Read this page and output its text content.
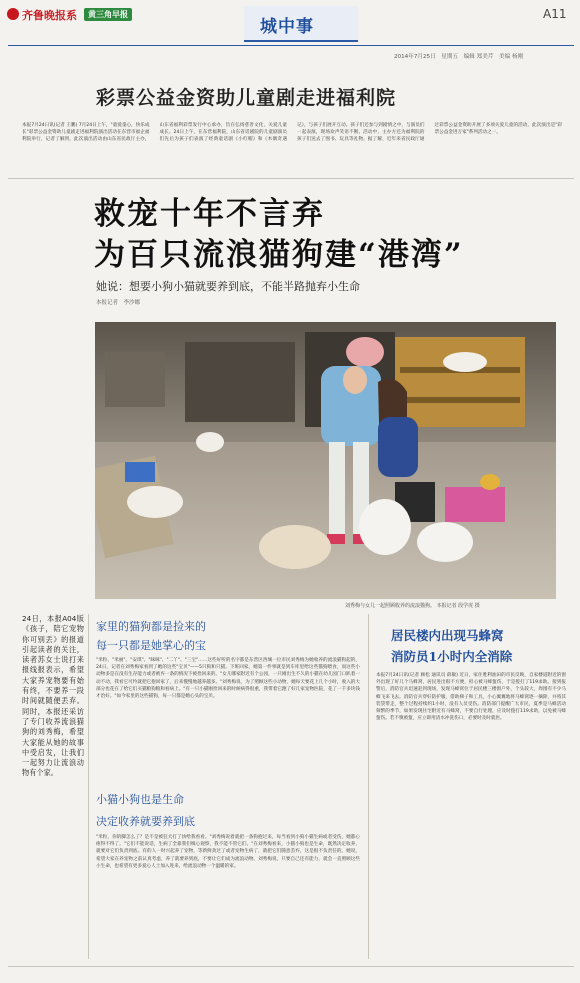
齐鲁晚报系	黄三角早报
城中事
A11
2014年7月25日　星期五　编辑 郑美芹　美编 杨刚
彩票公益金资助儿童剧走进福利院
本报7月24日讯(记者 王鹏) 7月24日上午，"童爱童心，快乐成长"彩票公益金资助儿童剧走进福利院演出活动在东营市福企福利院举行，记者了解到，此次演出活动由山东省民政厅主办，山东省福利彩票发行中心承办，旨在弘扬慈善文化，关爱儿童成长。24日上午，在东营福利院，山东省话剧院的儿童剧演员们先后为孩子们表演了经典童话剧《小红帽》和《木偶奇遇记》，与孩子们展开互动。孩子们还参与到剧情之中，与演员们一起表演，现场欢声笑语不断。活动中，主办方还为福利院的孩子们送去了图书、玩具等礼物。据了解，近年来省民政厅通过彩票公益金资助开展了多项关爱儿童的活动，此次演出是"彩票公益金进万家"系列活动之一。
救宠十年不言弃
为百只流浪猫狗建“港湾”
她说：想要小狗小猫就要养到底，不能半路抛弃小生命
本报记者　李沙娜
刘秀梅与女儿一起照顾收养的流浪猫狗。 本报记者 段学虎 摄
24日，本报A04版《孩子，陪它宠物你可别丢》的报道引起读者的关注，读者苏女士说打来报线报表示，希望大家养宠物要有始有终，不要养一段时间就随便丢弃。同时，本报还采访了专门收养流浪猫狗的刘秀梅，希望大家能从她的故事中受启发，让我们一起努力让流浪动物有个家。
家里的猫狗都是捡来的
每一只都是她掌心的宝
"米粒、"米丽"、"安琪"、"咪咪"、"二丫"、"三宝"……这些好听的名字都是东营区西城一位市民刘秀梅为她收养的流浪猫狗起的，24日，记者在刘秀梅家看到了她的这些"宝贝"——5只狗和只猫。下班回家，她第一件事就是到车库里给这些猫狗喂食，而这些小动物多是在没有生存能力或者被弃一条的情况下被捡回来的。"女儿哪家附近有个公园，一只刚出生不久的小猫在幼儿园门口趴着一动不动，我看它可怜就把它抱回家了，后来慢慢地越养越多。"刘秀梅说，为了照顾这些小动物，她每天要花上几个小时，收入的大部分也花在了给它们买猫粮狗粮和看病上。"有一只小猫刚捡回来的时候病得很重，我带着它跑了好几家宠物医院，花了一千多块钱才治好。"如今家里的这些猫狗，每一只都是她心头的宝贝。
小猫小狗也是生命
决定收养就要养到底
"米粒，你的脚怎么了？是不是被狂犬打了快给我看看。"刘秀梅说着就把一条狗抱过来，每当看到小狗小猫生病或者受伤，她都心疼得不得了。"它们不能说话，生病了全靠我们细心观察，我不能不管它们。"在刘秀梅看来，小猫小狗也是生命，既然决定收养，就要对它们负责到底。有的人一时兴起养了宠物，等新鲜劲过了或者宠物生病了，就把它们随意丢弃，这是很不负责任的。她说，希望大家在养宠物之前认真考虑，养了就要养到底，不要让它们成为流浪动物。刘秀梅说，只要自己还有能力，就会一直照顾这些小生命，也希望有更多爱心人士加入进来，给流浪动物一个温暖的家。
居民楼内出现马蜂窝
消防员1小时内全消除
本报7月24日讯(记者 顾松 通讯员 薛敏) 近日，家住胜利油田的市民反映，自家楼道附近的窗外出现了好几个马蜂窝，居民进出很不方便，担心被马蜂蜇伤，于是拨打了119求助。接到报警后，消防官兵迅速赶到现场，发现马蜂窝位于居民楼三楼窗户外，个头较大，周围有不少马蜂飞来飞去。消防官兵穿好防护服，借助梯子和工具，小心翼翼地将马蜂窝逐一摘除，并将其装袋带走，整个过程持续约1小时，没有人员受伤。消防部门提醒广大市民，夏季是马蜂活动频繁的季节，如果发现住宅附近有马蜂窝，不要自行处理，应及时拨打119求助，以免被马蜂蜇伤。若不慎被蜇，应立即用清水冲洗伤口，必要时及时就医。
